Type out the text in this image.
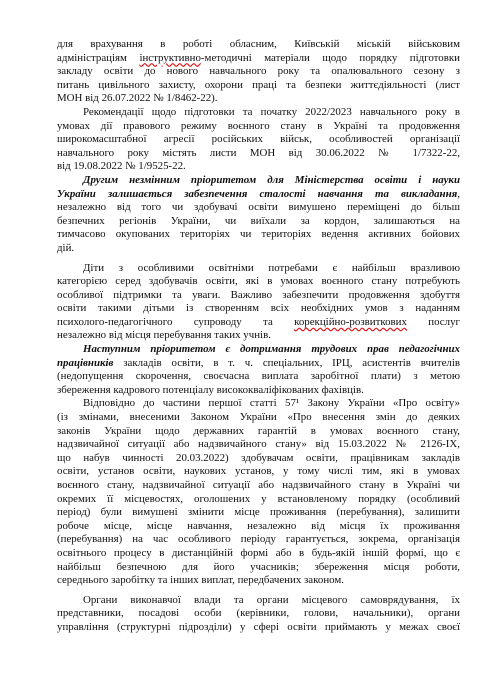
для врахування в роботі обласним, Київській міській військовим
адміністраціям інструктивно-методичні матеріали щодо порядку підготовки
закладу освіти до нового навчального року та опалювального сезону з
питань цивільного захисту, охорони праці та безпеки життєдіяльності (лист
МОН від 26.07.2022 № 1/8462-22).
Рекомендації щодо підготовки та початку 2022/2023 навчального року в
умовах дії правового режиму воєнного стану в Україні та продовження
широкомасштабної агресії російських військ, особливостей організації
навчального року містять листи МОН від 30.06.2022 № 1/7322-22,
від 19.08.2022 № 1/9525-22.
Другим незмінним пріоритетом для Міністерства освіти і науки
України залишається забезпечення сталості навчання та викладання,
незалежно від того чи здобувачі освіти вимушено переміщені до більш
безпечних регіонів України, чи виїхали за кордон, залишаються на
тимчасово окупованих територіях чи територіях ведення активних бойових
дій.
Діти з особливими освітніми потребами є найбільш вразливою
категорією серед здобувачів освіти, які в умовах воєнного стану потребують
особливої підтримки та уваги. Важливо забезпечити продовження здобуття
освіти такими дітьми із створенням всіх необхідних умов з наданням
психолого-педагогічного супроводу та корекційно-розвиткових послуг
незалежно від місця перебування таких учнів.
Наступним пріоритетом є дотримання трудових прав педагогічних
працівників закладів освіти, в т. ч. спеціальних, ІРЦ, асистентів вчителів
(недопущення скорочення, своєчасна виплата заробітної плати) з метою
збереження кадрового потенціалу висококваліфікованих фахівців.
Відповідно до частини першої статті 57¹ Закону України «Про освіту»
(із змінами, внесеними Законом України «Про внесення змін до деяких
законів України щодо державних гарантій в умовах воєнного стану,
надзвичайної ситуації або надзвичайного стану» від 15.03.2022 № 2126-IX,
що набув чинності 20.03.2022) здобувачам освіти, працівникам закладів
освіти, установ освіти, наукових установ, у тому числі тим, які в умовах
воєнного стану, надзвичайної ситуації або надзвичайного стану в Україні чи
окремих її місцевостях, оголошених у встановленому порядку (особливий
період) були вимушені змінити місце проживання (перебування), залишити
робоче місце, місце навчання, незалежно від місця їх проживання
(перебування) на час особливого періоду гарантується, зокрема, організація
освітнього процесу в дистанційній формі або в будь-якій іншій формі, що є
найбільш безпечною для його учасників; збереження місця роботи,
середнього заробітку та інших виплат, передбачених законом.
Органи виконавчої влади та органи місцевого самоврядування, їх
представники, посадові особи (керівники, голови, начальники), органи
управління (структурні підрозділи) у сфері освіти приймають у межах своєї
